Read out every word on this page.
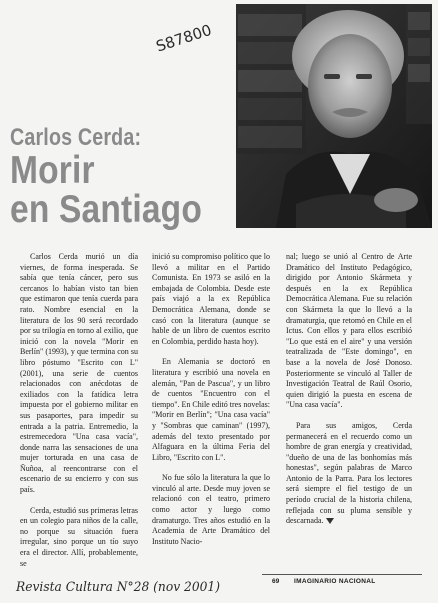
S87800
Carlos Cerda:
Morir
en Santiago

Carlos Cerda murió un día viernes, de forma inesperada. Se sabía que tenía cáncer, pero sus cercanos lo habían visto tan bien que estimaron que tenía cuerda para rato. Nombre esencial en la literatura de los 90 será recordado por su trilogía en torno al exilio, que inició con la novela "Morir en Berlín" (1993), y que termina con su libro póstumo "Escrito con L" (2001), una serie de cuentos relacionados con anécdotas de exiliados con la fatídica letra impuesta por el gobierno militar en sus pasaportes, para impedir su entrada a la patria. Entremedio, la estremecedora "Una casa vacía", donde narra las sensaciones de una mujer torturada en una casa de Ñuñoa, al reencontrarse con el escenario de su encierro y con sus país.

Cerda, estudió sus primeras letras en un colegio para niños de la calle, no porque su situación fuera irregular, sino porque un tío suyo era el director. Allí, probablemente, se

inició su compromiso político que lo llevó a militar en el Partido Comunista. En 1973 se asiló en la embajada de Colombia. Desde este país viajó a la ex República Democrática Alemana, donde se casó con la literatura (aunque se hable de un libro de cuentos escrito en Colombia, perdido hasta hoy).

En Alemania se doctoró en literatura y escribió una novela en alemán, "Pan de Pascua", y un libro de cuentos "Encuentro con el tiempo". En Chile editó tres novelas: "Morir en Berlín"; "Una casa vacía" y "Sombras que caminan" (1997), además del texto presentado por Alfaguara en la última Feria del Libro, "Escrito con L".

No fue sólo la literatura la que lo vinculó al arte. Desde muy joven se relacionó con el teatro, primero como actor y luego como dramaturgo. Tres años estudió en la Academia de Arte Dramático del Instituto Nacio-

nal; luego se unió al Centro de Arte Dramático del Instituto Pedagógico, dirigido por Antonio Skármeta y después en la ex República Democrática Alemana. Fue su relación con Skármeta la que lo llevó a la dramaturgia, que retomó en Chile en el Ictus. Con ellos y para ellos escribió "Lo que está en el aire" y una versión teatralizada de "Este domingo", en base a la novela de José Donoso. Posteriormente se vinculó al Taller de Investigación Teatral de Raúl Osorio, quien dirigió la puesta en escena de "Una casa vacía".

Para sus amigos, Cerda permanecerá en el recuerdo como un hombre de gran energía y creatividad, "dueño de una de las bonhomías más honestas", según palabras de Marco Antonio de la Parra. Para los lectores será siempre el fiel testigo de un período crucial de la historia chilena, reflejada con su pluma sensible y descarnada.

69 IMAGINARIO NACIONAL
Revista Cultura N°28 (nov 2001)
